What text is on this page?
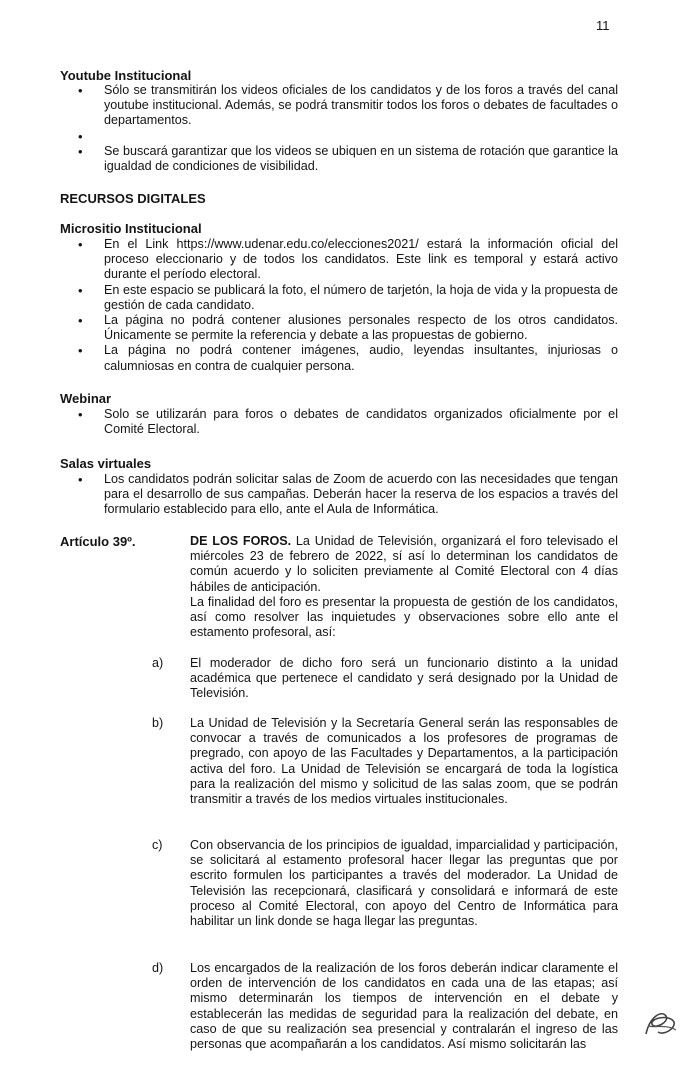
11
Youtube Institucional
• Sólo se transmitirán los videos oficiales de los candidatos y de los foros a través del canal youtube institucional. Además, se podrá transmitir todos los foros o debates de facultades o departamentos.
•
• Se buscará garantizar que los videos se ubiquen en un sistema de rotación que garantice la igualdad de condiciones de visibilidad.
RECURSOS DIGITALES
Micrositio Institucional
• En el Link https://www.udenar.edu.co/elecciones2021/ estará la información oficial del proceso eleccionario y de todos los candidatos. Este link es temporal y estará activo durante el período electoral.
• En este espacio se publicará la foto, el número de tarjetón, la hoja de vida y la propuesta de gestión de cada candidato.
• La página no podrá contener alusiones personales respecto de los otros candidatos. Únicamente se permite la referencia y debate a las propuestas de gobierno.
• La página no podrá contener imágenes, audio, leyendas insultantes, injuriosas o calumniosas en contra de cualquier persona.
Webinar
• Solo se utilizarán para foros o debates de candidatos organizados oficialmente por el Comité Electoral.
Salas virtuales
• Los candidatos podrán solicitar salas de Zoom de acuerdo con las necesidades que tengan para el desarrollo de sus campañas. Deberán hacer la reserva de los espacios a través del formulario establecido para ello, ante el Aula de Informática.
Artículo 39º.	DE LOS FOROS. La Unidad de Televisión, organizará el foro televisado el miércoles 23 de febrero de 2022, sí así lo determinan los candidatos de común acuerdo y lo soliciten previamente al Comité Electoral con 4 días hábiles de anticipación.

La finalidad del foro es presentar la propuesta de gestión de los candidatos, así como resolver las inquietudes y observaciones sobre ello ante el estamento profesoral, así:

a) El moderador de dicho foro será un funcionario distinto a la unidad académica que pertenece el candidato y será designado por la Unidad de Televisión.
b) La Unidad de Televisión y la Secretaría General serán las responsables de convocar a través de comunicados a los profesores de programas de pregrado, con apoyo de las Facultades y Departamentos, a la participación activa del foro. La Unidad de Televisión se encargará de toda la logística para la realización del mismo y solicitud de las salas zoom, que se podrán transmitir a través de los medios virtuales institucionales.
c) Con observancia de los principios de igualdad, imparcialidad y participación, se solicitará al estamento profesoral hacer llegar las preguntas que por escrito formulen los participantes a través del moderador. La Unidad de Televisión las recepcionará, clasificará y consolidará e informará de este proceso al Comité Electoral, con apoyo del Centro de Informática para habilitar un link donde se haga llegar las preguntas.
d) Los encargados de la realización de los foros deberán indicar claramente el orden de intervención de los candidatos en cada una de las etapas; así mismo determinarán los tiempos de intervención en el debate y establecerán las medidas de seguridad para la realización del debate, en caso de que su realización sea presencial y contralarán el ingreso de las personas que acompañarán a los candidatos. Así mismo solicitarán las
